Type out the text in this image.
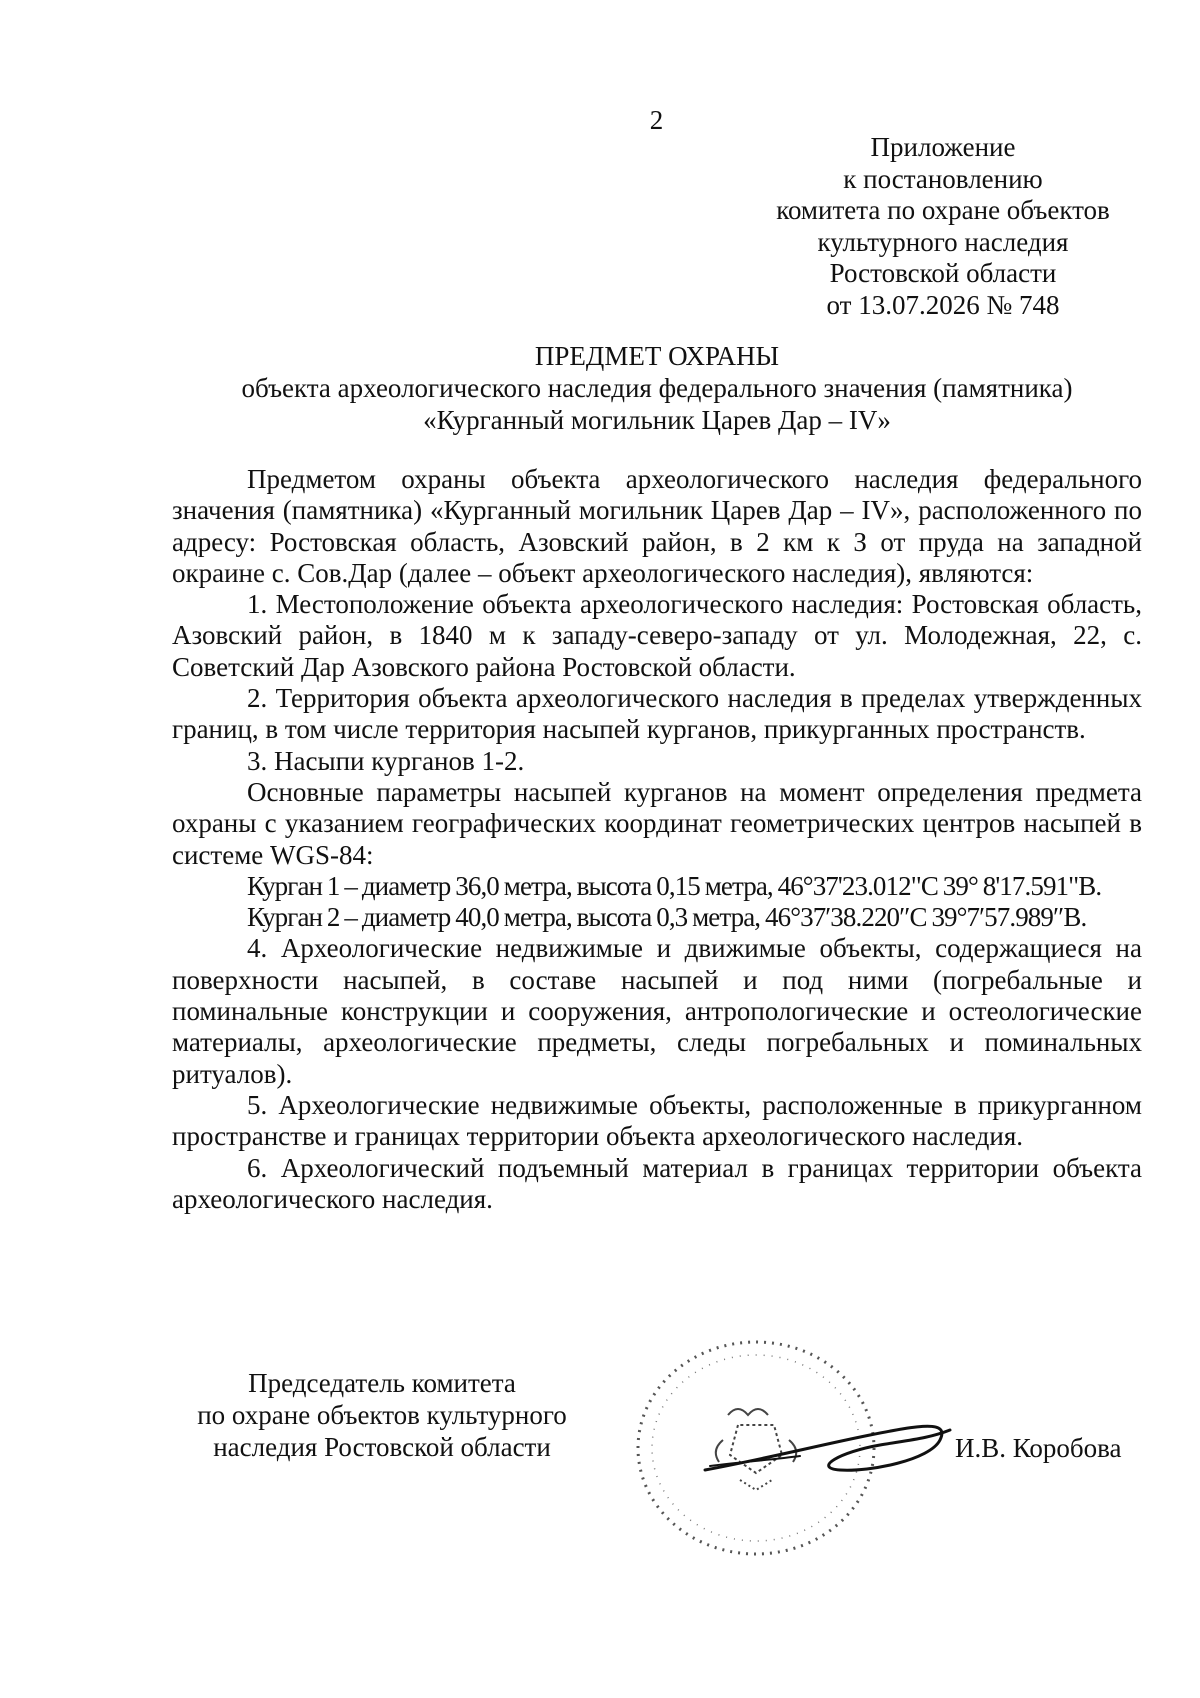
2
Приложение
к постановлению
комитета по охране объектов
культурного наследия
Ростовской области
от 13.07.2026 № 748
ПРЕДМЕТ ОХРАНЫ
объекта археологического наследия федерального значения (памятника)
«Курганный могильник Царев Дар – IV»

Предметом охраны объекта археологического наследия федерального значения (памятника) «Курганный могильник Царев Дар – IV», расположенного по адресу: Ростовская область, Азовский район, в 2 км к З от пруда на западной окраине с. Сов.Дар (далее – объект археологического наследия), являются:

1. Местоположение объекта археологического наследия: Ростовская область, Азовский район, в 1840 м к западу-северо-западу от ул. Молодежная, 22, с. Советский Дар Азовского района Ростовской области.

2. Территория объекта археологического наследия в пределах утвержденных границ, в том числе территория насыпей курганов, прикурганных пространств.

3. Насыпи курганов 1-2.

Основные параметры насыпей курганов на момент определения предмета охраны с указанием географических координат геометрических центров насыпей в системе WGS-84:

Курган 1 – диаметр 36,0 метра, высота 0,15 метра, 46°37'23.012"С 39° 8'17.591"В.

Курган 2 – диаметр 40,0 метра, высота 0,3 метра, 46°37′38.220″С 39°7′57.989″В.

4. Археологические недвижимые и движимые объекты, содержащиеся на поверхности насыпей, в составе насыпей и под ними (погребальные и поминальные конструкции и сооружения, антропологические и остеологические материалы, археологические предметы, следы погребальных и поминальных ритуалов).

5. Археологические недвижимые объекты, расположенные в прикурганном пространстве и границах территории объекта археологического наследия.

6. Археологический подъемный материал в границах территории объекта археологического наследия.

Председатель комитета
по охране объектов культурного
наследия Ростовской области	И.В. Коробова
